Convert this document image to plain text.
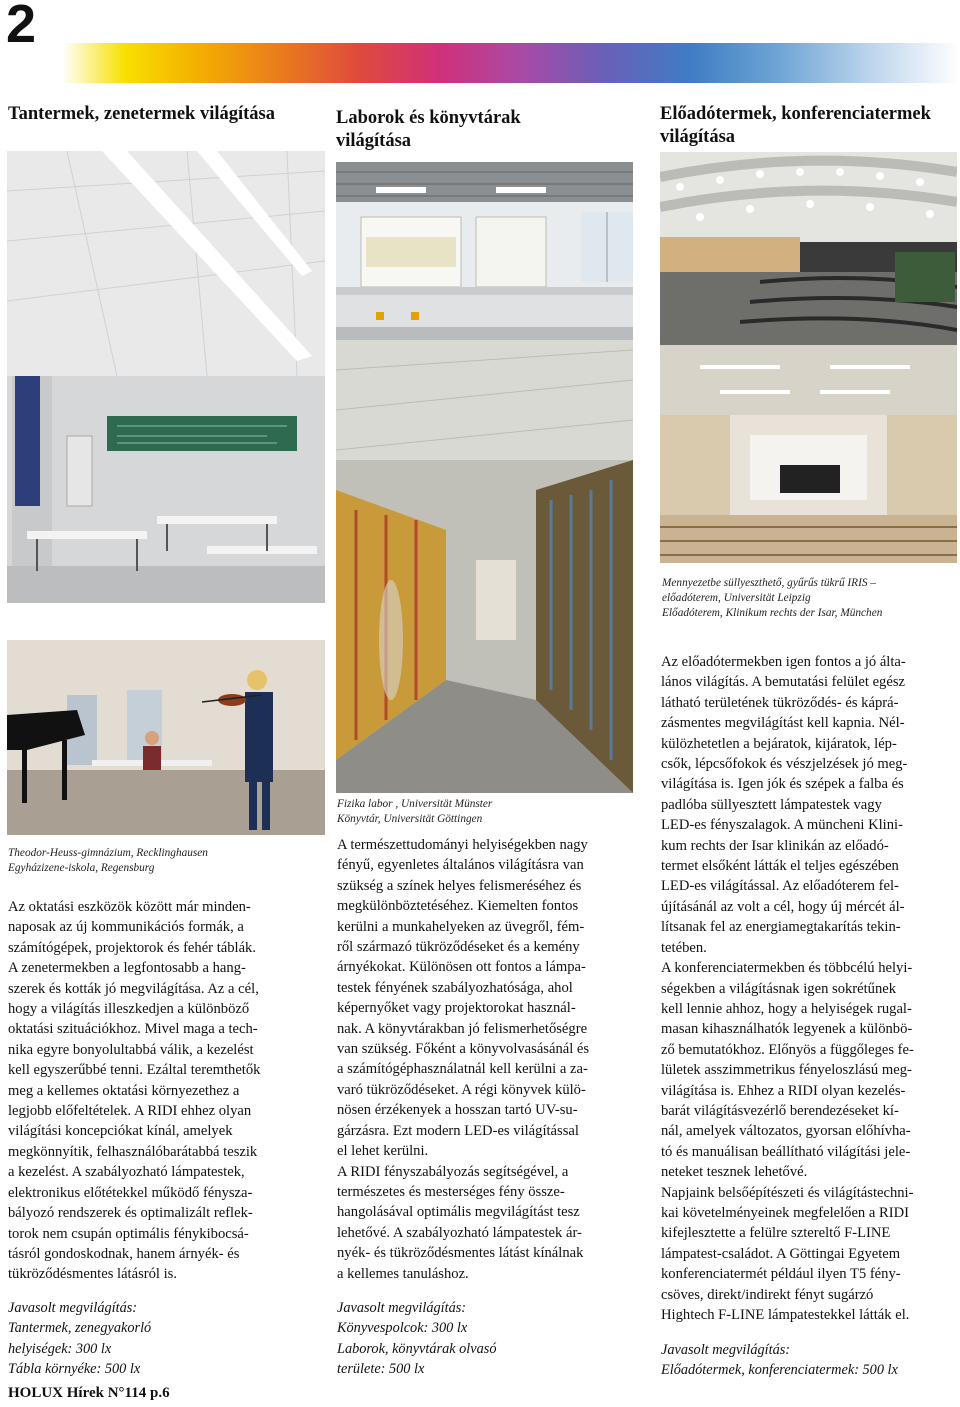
2
Tantermek, zenetermek világítása	Laborok és könyvtárak világítása
Előadótermek, konferenciatermek világítása
Theodor-Heuss-gimnázium, Recklinghausen
Egyházizene-iskola, Regensburg
Fizika labor , Universität Münster
Könyvtár, Universität Göttingen
Mennyezetbe süllyeszthető, gyűrűs tükrű IRIS –
előadóterem, Universität Leipzig
Előadóterem, Klinikum rechts der Isar, München
Az oktatási eszközök között már minden-
naposak az új kommunikációs formák, a
számítógépek, projektorok és fehér táblák.
A zenetermekben a legfontosabb a hang-
szerek és kották jó megvilágítása. Az a cél,
hogy a világítás illeszkedjen a különböző
oktatási szituációkhoz. Mivel maga a tech-
nika egyre bonyolultabbá válik, a kezelést
kell egyszerűbbé tenni. Ezáltal teremthetők
meg a kellemes oktatási környezethez a
legjobb előfeltételek. A RIDI ehhez olyan
világítási koncepciókat kínál, amelyek
megkönnyítik, felhasználóbarátabbá teszik
a kezelést. A szabályozható lámpatestek,
elektronikus előtétekkel működő fénysza-
bályozó rendszerek és optimalizált reflek-
torok nem csupán optimális fénykibocsá-
tásról gondoskodnak, hanem árnyék- és
tükröződésmentes látásról is.
A természettudományi helyiségekben nagy
fényű, egyenletes általános világításra van
szükség a színek helyes felismeréséhez és
megkülönböztetéséhez. Kiemelten fontos
kerülni a munkahelyeken az üvegről, fém-
ről származó tükröződéseket és a kemény
árnyékokat. Különösen ott fontos a lámpa-
testek fényének szabályozhatósága, ahol
képernyőket vagy projektorokat használ-
nak. A könyvtárakban jó felismerhetőségre
van szükség. Főként a könyvolvasásánál és
a számítógéphasználatnál kell kerülni a za-
varó tükröződéseket. A régi könyvek külö-
nösen érzékenyek a hosszan tartó UV-su-
gárzásra. Ezt modern LED-es világítással
el lehet kerülni.
A RIDI fényszabályozás segítségével, a
természetes és mesterséges fény össze-
hangolásával optimális megvilágítást tesz
lehetővé. A szabályozható lámpatestek ár-
nyék- és tükröződésmentes látást kínálnak
a kellemes tanuláshoz.
Az előadótermekben igen fontos a jó álta-
lános világítás. A bemutatási felület egész
látható területének tükröződés- és káprá-
zásmentes megvilágítást kell kapnia. Nél-
külözhetetlen a bejáratok, kijáratok, lép-
csők, lépcsőfokok és vészjelzések jó meg-
világítása is. Igen jók és szépek a falba és
padlóba süllyesztett lámpatestek vagy
LED-es fényszalagok. A müncheni Klini-
kum rechts der Isar klinikán az előadó-
termet elsőként látták el teljes egészében
LED-es világítással. Az előadóterem fel-
újításánál az volt a cél, hogy új mércét ál-
lítsanak fel az energiamegtakarítás tekin-
tetében.
A konferenciatermekben és többcélú helyi-
ségekben a világításnak igen sokrétűnek
kell lennie ahhoz, hogy a helyiségek rugal-
masan kihasználhatók legyenek a különbö-
ző bemutatókhoz. Előnyös a függőleges fe-
lületek asszimmetrikus fényeloszlású meg-
világítása is. Ehhez a RIDI olyan kezelés-
barát világításvezérlő berendezéseket kí-
nál, amelyek változatos, gyorsan előhívha-
tó és manuálisan beállítható világítási jele-
neteket tesznek lehetővé.
Napjaink belsőépítészeti és világítástechni-
kai követelményeinek megfelelően a RIDI
kifejlesztette a felülre sztereltő F-LINE
lámpatest-családot. A Göttingai Egyetem
konferenciatermét például ilyen T5 fény-
csöves, direkt/indirekt fényt sugárzó
Hightech F-LINE lámpatestekkel látták el.
Javasolt megvilágítás:
Tantermek, zenegyakorló
helyiségek: 300 lx
Tábla környéke: 500 lx
Javasolt megvilágítás:
Könyvespolcok: 300 lx
Laborok, könyvtárak olvasó
területe: 500 lx
Javasolt megvilágítás:
Előadótermek, konferenciatermek: 500 lx
HOLUX Hírek N°114 p.6
